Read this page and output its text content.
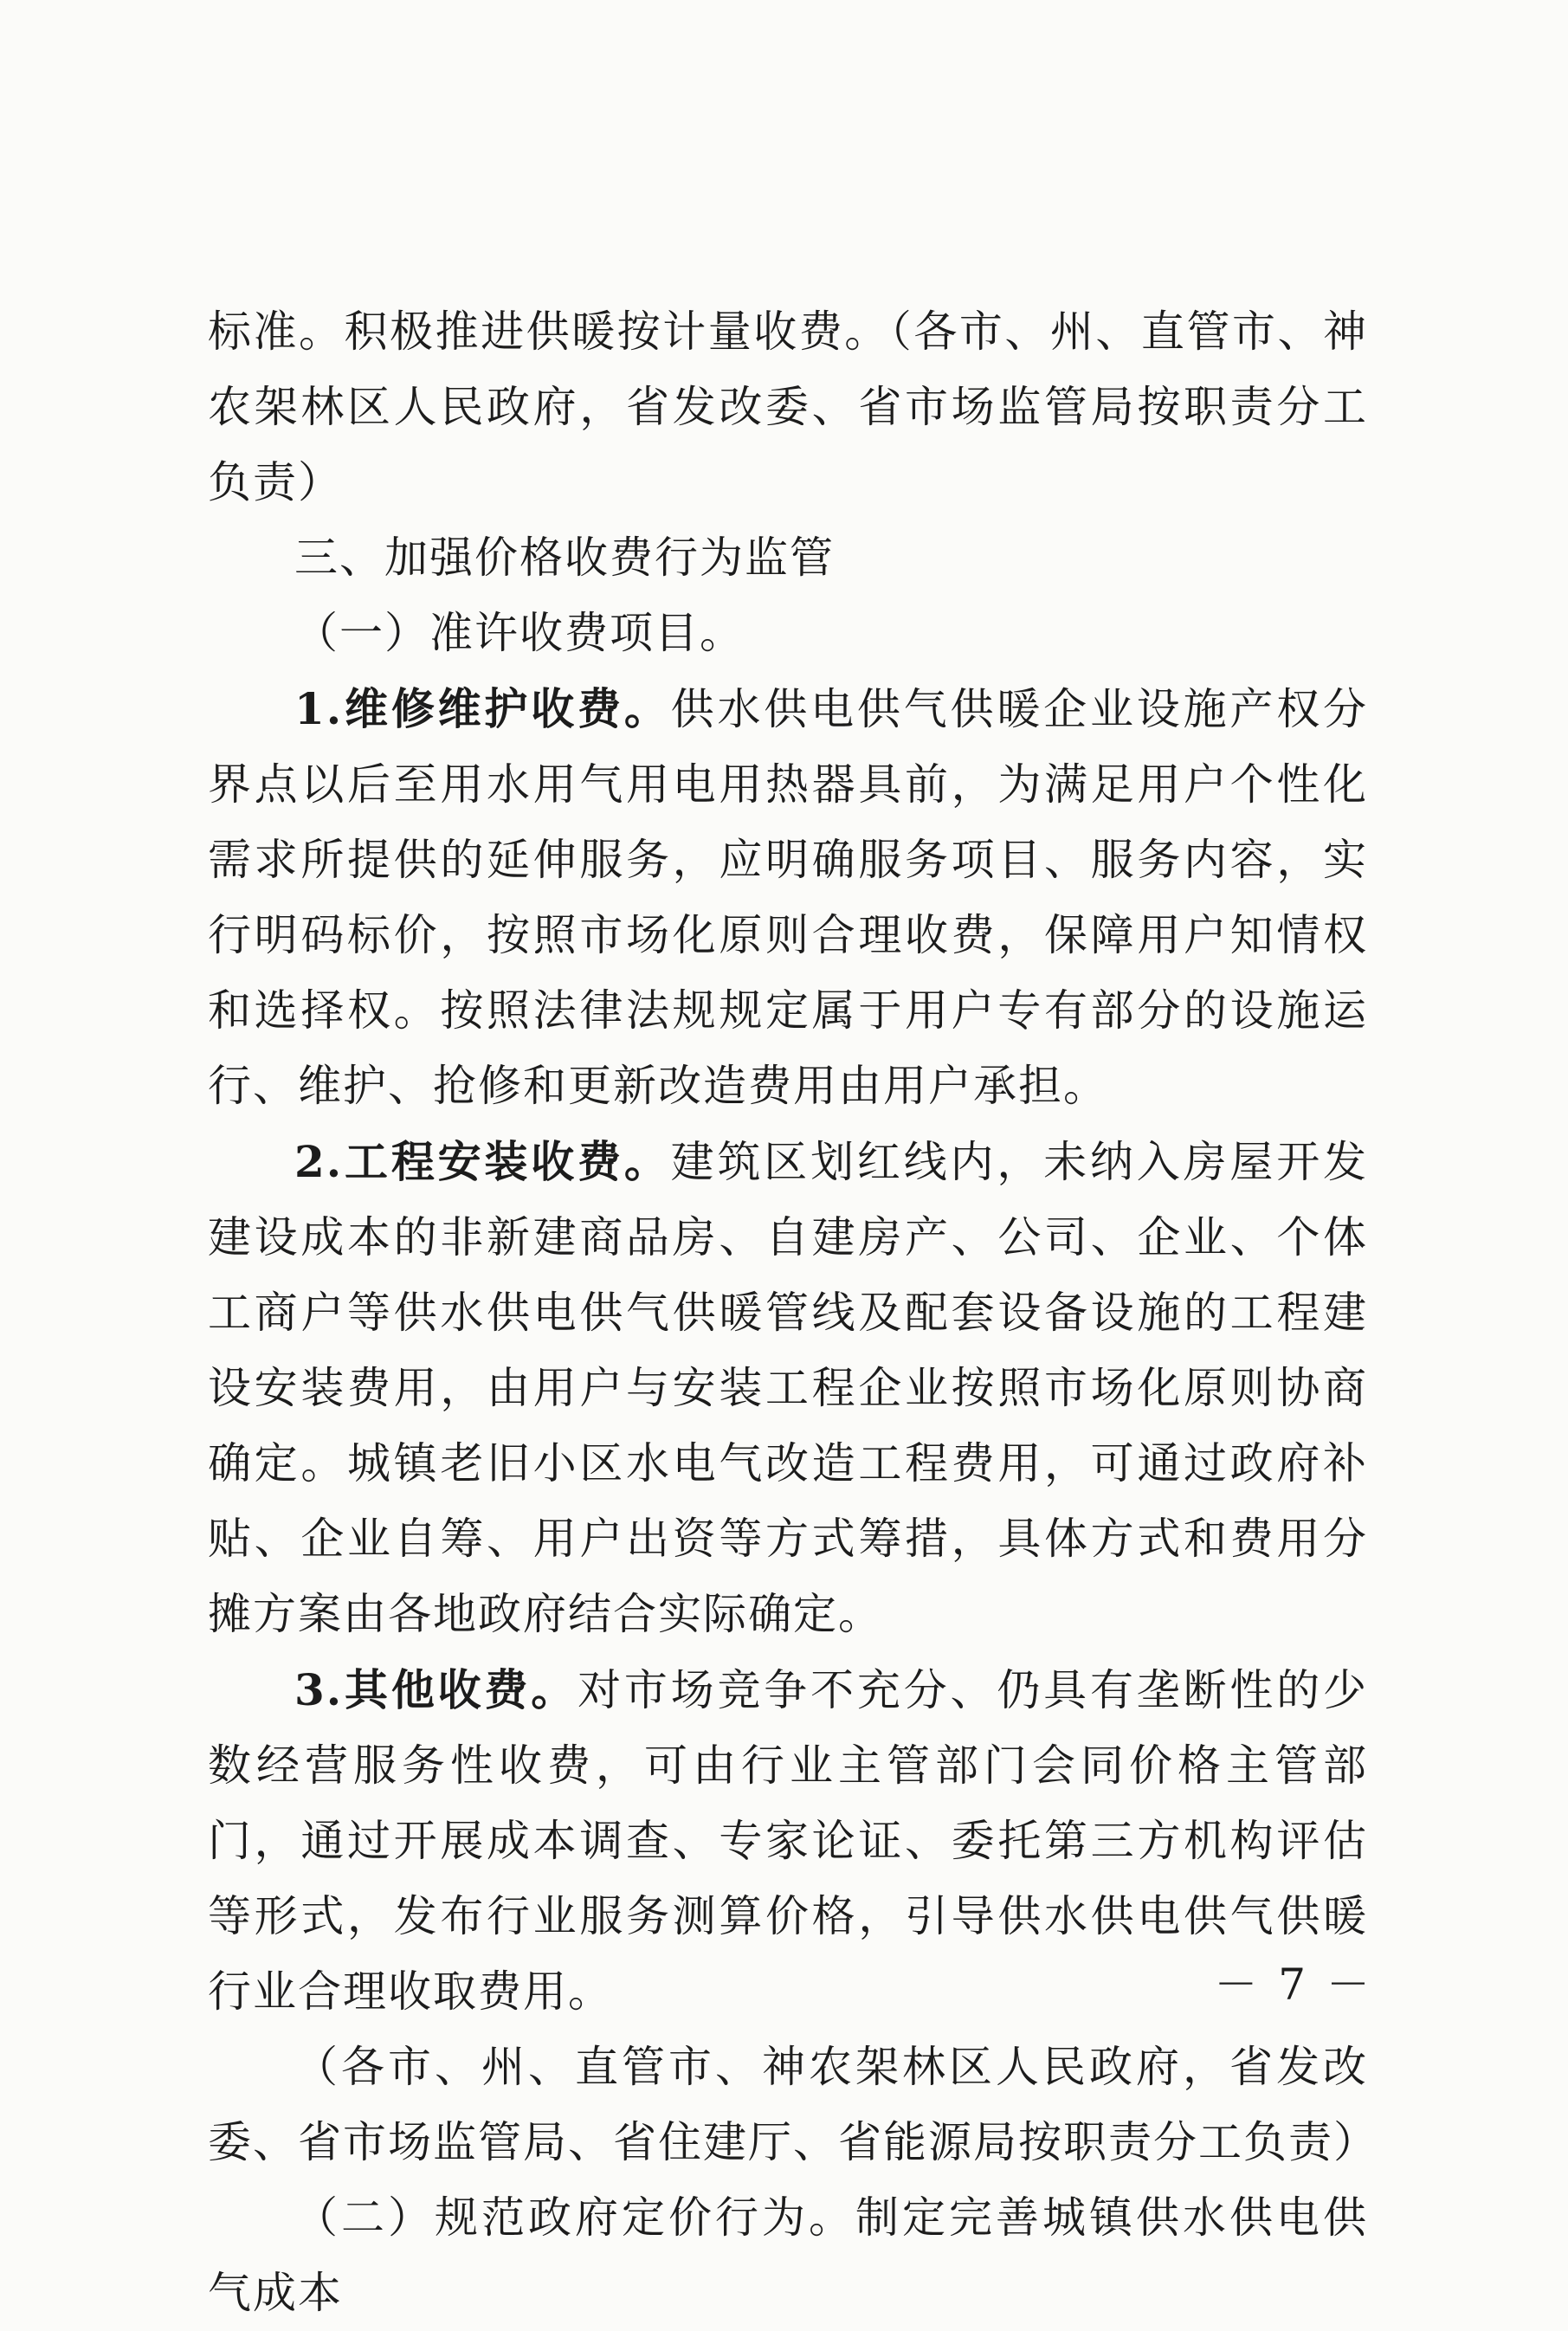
标准。积极推进供暖按计量收费。（各市、州、直管市、神农架林区人民政府，省发改委、省市场监管局按职责分工负责）

三、加强价格收费行为监管

（一）准许收费项目。

1.维修维护收费。供水供电供气供暖企业设施产权分界点以后至用水用气用电用热器具前，为满足用户个性化需求所提供的延伸服务，应明确服务项目、服务内容，实行明码标价，按照市场化原则合理收费，保障用户知情权和选择权。按照法律法规规定属于用户专有部分的设施运行、维护、抢修和更新改造费用由用户承担。

2.工程安装收费。建筑区划红线内，未纳入房屋开发建设成本的非新建商品房、自建房产、公司、企业、个体工商户等供水供电供气供暖管线及配套设备设施的工程建设安装费用，由用户与安装工程企业按照市场化原则协商确定。城镇老旧小区水电气改造工程费用，可通过政府补贴、企业自筹、用户出资等方式筹措，具体方式和费用分摊方案由各地政府结合实际确定。

3.其他收费。对市场竞争不充分、仍具有垄断性的少数经营服务性收费，可由行业主管部门会同价格主管部门，通过开展成本调查、专家论证、委托第三方机构评估等形式，发布行业服务测算价格，引导供水供电供气供暖行业合理收取费用。

（各市、州、直管市、神农架林区人民政府，省发改委、省市场监管局、省住建厅、省能源局按职责分工负责）

（二）规范政府定价行为。制定完善城镇供水供电供气成本

－ 7 －
